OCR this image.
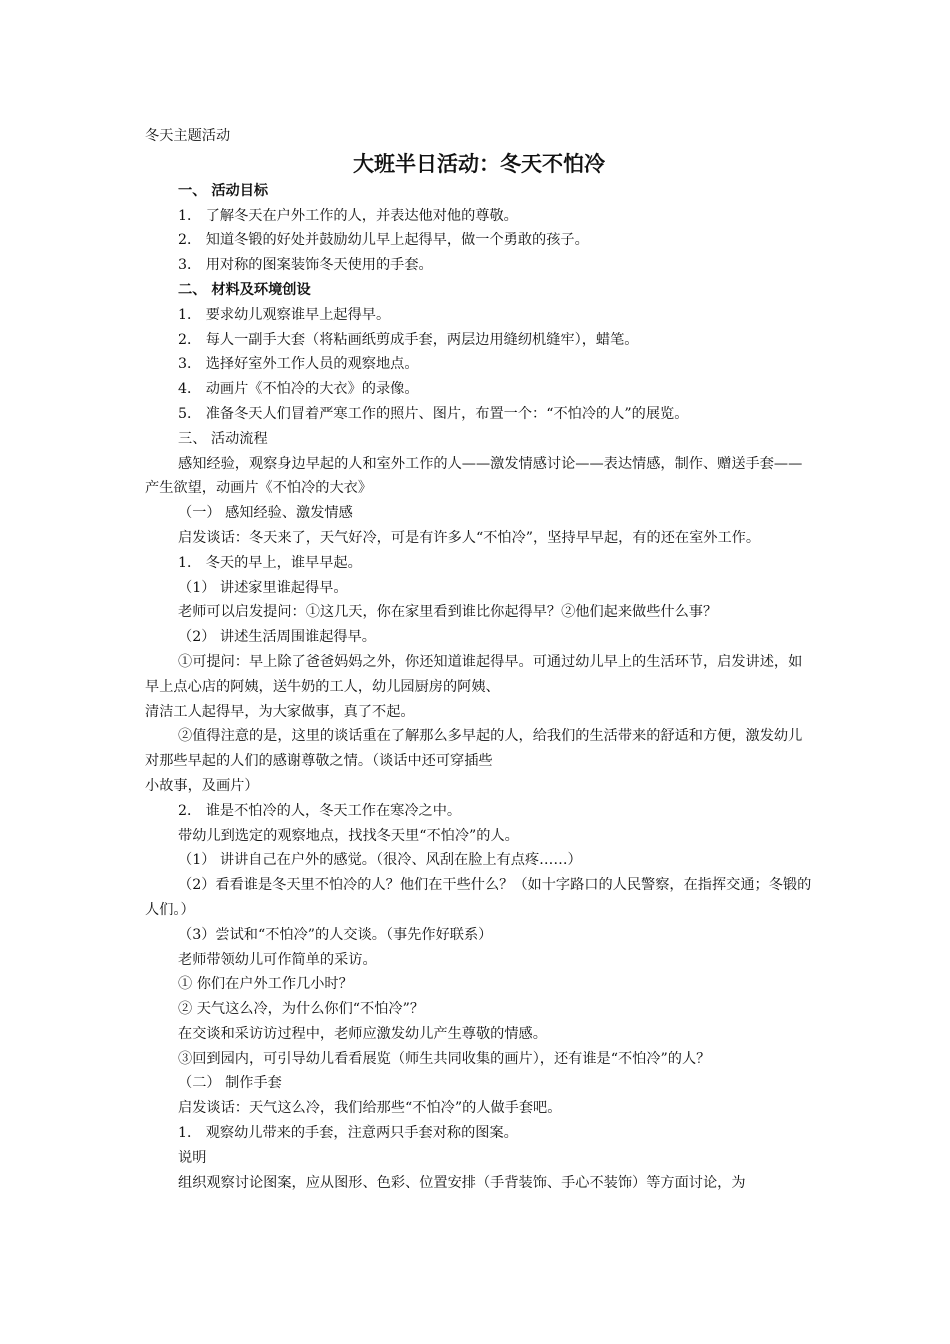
冬天主题活动

大班半日活动：冬天不怕冷

一、 活动目标

1． 了解冬天在户外工作的人，并表达他对他的尊敬。

2． 知道冬锻的好处并鼓励幼儿早上起得早，做一个勇敢的孩子。

3． 用对称的图案装饰冬天使用的手套。

二、 材料及环境创设

1． 要求幼儿观察谁早上起得早。

2． 每人一副手大套（将粘画纸剪成手套，两层边用缝纫机缝牢），蜡笔。

3． 选择好室外工作人员的观察地点。

4． 动画片《不怕冷的大衣》的录像。

5． 准备冬天人们冒着严寒工作的照片、图片，布置一个：“不怕冷的人”的展览。

三、 活动流程

感知经验，观察身边早起的人和室外工作的人——激发情感讨论——表达情感，制作、赠送手套——产生欲望，动画片《不怕冷的大衣》

（一） 感知经验、激发情感

启发谈话：冬天来了，天气好冷，可是有许多人“不怕冷”，坚持早早起，有的还在室外工作。

1． 冬天的早上，谁早早起。

（1） 讲述家里谁起得早。

老师可以启发提问：①这几天，你在家里看到谁比你起得早？②他们起来做些什么事？

（2） 讲述生活周围谁起得早。

①可提问：早上除了爸爸妈妈之外，你还知道谁起得早。可通过幼儿早上的生活环节，启发讲述，如早上点心店的阿姨，送牛奶的工人，幼儿园厨房的阿姨、

清洁工人起得早，为大家做事，真了不起。

②值得注意的是，这里的谈话重在了解那么多早起的人，给我们的生活带来的舒适和方便，激发幼儿对那些早起的人们的感谢尊敬之情。（谈话中还可穿插些

小故事，及画片）

2． 谁是不怕冷的人，冬天工作在寒冷之中。

带幼儿到选定的观察地点，找找冬天里“不怕冷”的人。

（1） 讲讲自己在户外的感觉。（很冷、风刮在脸上有点疼……）

（2）看看谁是冬天里不怕冷的人？他们在干些什么？（如十字路口的人民警察，在指挥交通；冬锻的人们。）

（3）尝试和“不怕冷”的人交谈。（事先作好联系）

老师带领幼儿可作简单的采访。

① 你们在户外工作几小时？

② 天气这么冷，为什么你们“不怕冷”？

在交谈和采访访过程中，老师应激发幼儿产生尊敬的情感。

③回到园内，可引导幼儿看看展览（师生共同收集的画片），还有谁是“不怕冷”的人？

（二） 制作手套

启发谈话：天气这么冷，我们给那些“不怕冷”的人做手套吧。

1． 观察幼儿带来的手套，注意两只手套对称的图案。

说明

组织观察讨论图案，应从图形、色彩、位置安排（手背装饰、手心不装饰）等方面讨论，为
